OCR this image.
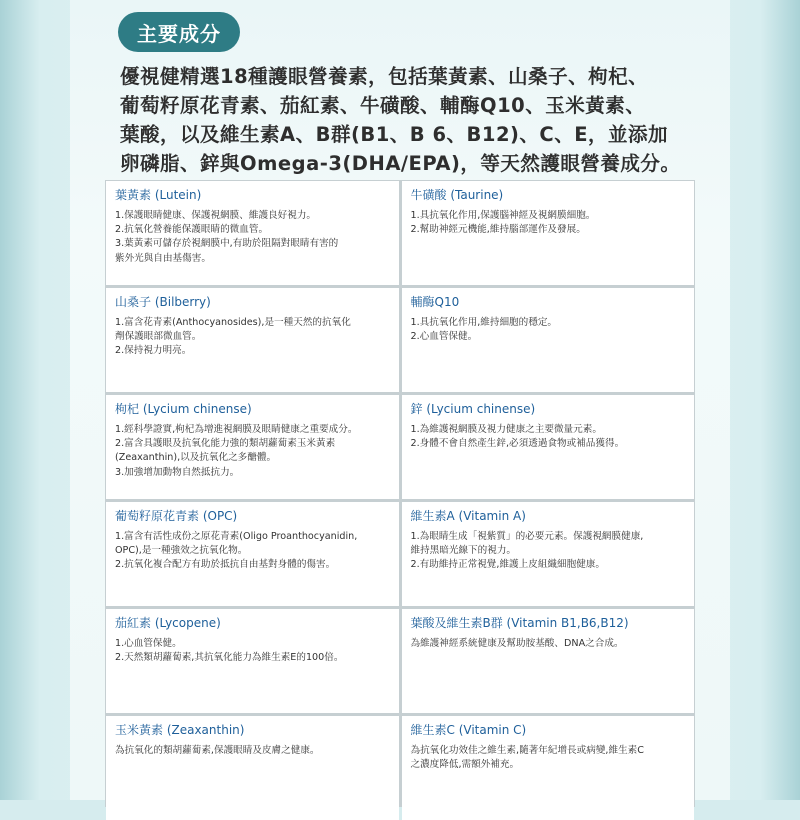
主要成分
優視健精選18種護眼營養素，包括葉黃素、山桑子、枸杞、
葡萄籽原花青素、茄紅素、牛磺酸、輔酶Q10、玉米黃素、
葉酸，以及維生素A、B群(B1、B 6、B12)、C、E，並添加
卵磷脂、鋅與Omega-3(DHA/EPA)，等天然護眼營養成分。
葉黃素 (Lutein)
1.保護眼睛健康、保護視網膜、維護良好視力。
2.抗氧化營養能保護眼睛的微血管。
3.葉黃素可儲存於視網膜中,有助於阻隔對眼睛有害的
紫外光與自由基傷害。
牛磺酸 (Taurine)
1.具抗氧化作用,保護腦神經及視網膜細胞。
2.幫助神經元機能,維持腦部運作及發展。
山桑子 (Bilberry)
1.富含花青素(Anthocyanosides),是一種天然的抗氧化
劑保護眼部微血管。
2.保持視力明亮。
輔酶Q10
1.具抗氧化作用,維持細胞的穩定。
2.心血管保健。
枸杞 (Lycium chinense)
1.經科學證實,枸杞為增進視網膜及眼睛健康之重要成分。
2.富含具護眼及抗氧化能力強的類胡蘿蔔素玉米黃素
(Zeaxanthin),以及抗氧化之多醣體。
3.加強增加動物自然抵抗力。
鋅 (Lycium chinense)
1.為維護視網膜及視力健康之主要微量元素。
2.身體不會自然產生鋅,必須透過食物或補品獲得。
葡萄籽原花青素 (OPC)
1.富含有活性成份之原花青素(Oligo Proanthocyanidin,
OPC),是一種強效之抗氧化物。
2.抗氧化複合配方有助於抵抗自由基對身體的傷害。
維生素A (Vitamin A)
1.為眼睛生成「視紫質」的必要元素。保護視網膜健康,
維持黑暗光線下的視力。
2.有助維持正常視覺,維護上皮組織細胞健康。
茄紅素 (Lycopene)
1.心血管保健。
2.天然類胡蘿蔔素,其抗氧化能力為維生素E的100倍。
葉酸及維生素B群 (Vitamin B1,B6,B12)
為維護神經系統健康及幫助胺基酸、DNA之合成。
玉米黃素 (Zeaxanthin)
為抗氧化的類胡蘿蔔素,保護眼睛及皮膚之健康。
維生素C (Vitamin C)
為抗氧化功效佳之維生素,隨著年紀增長或病變,維生素C
之濃度降低,需額外補充。
